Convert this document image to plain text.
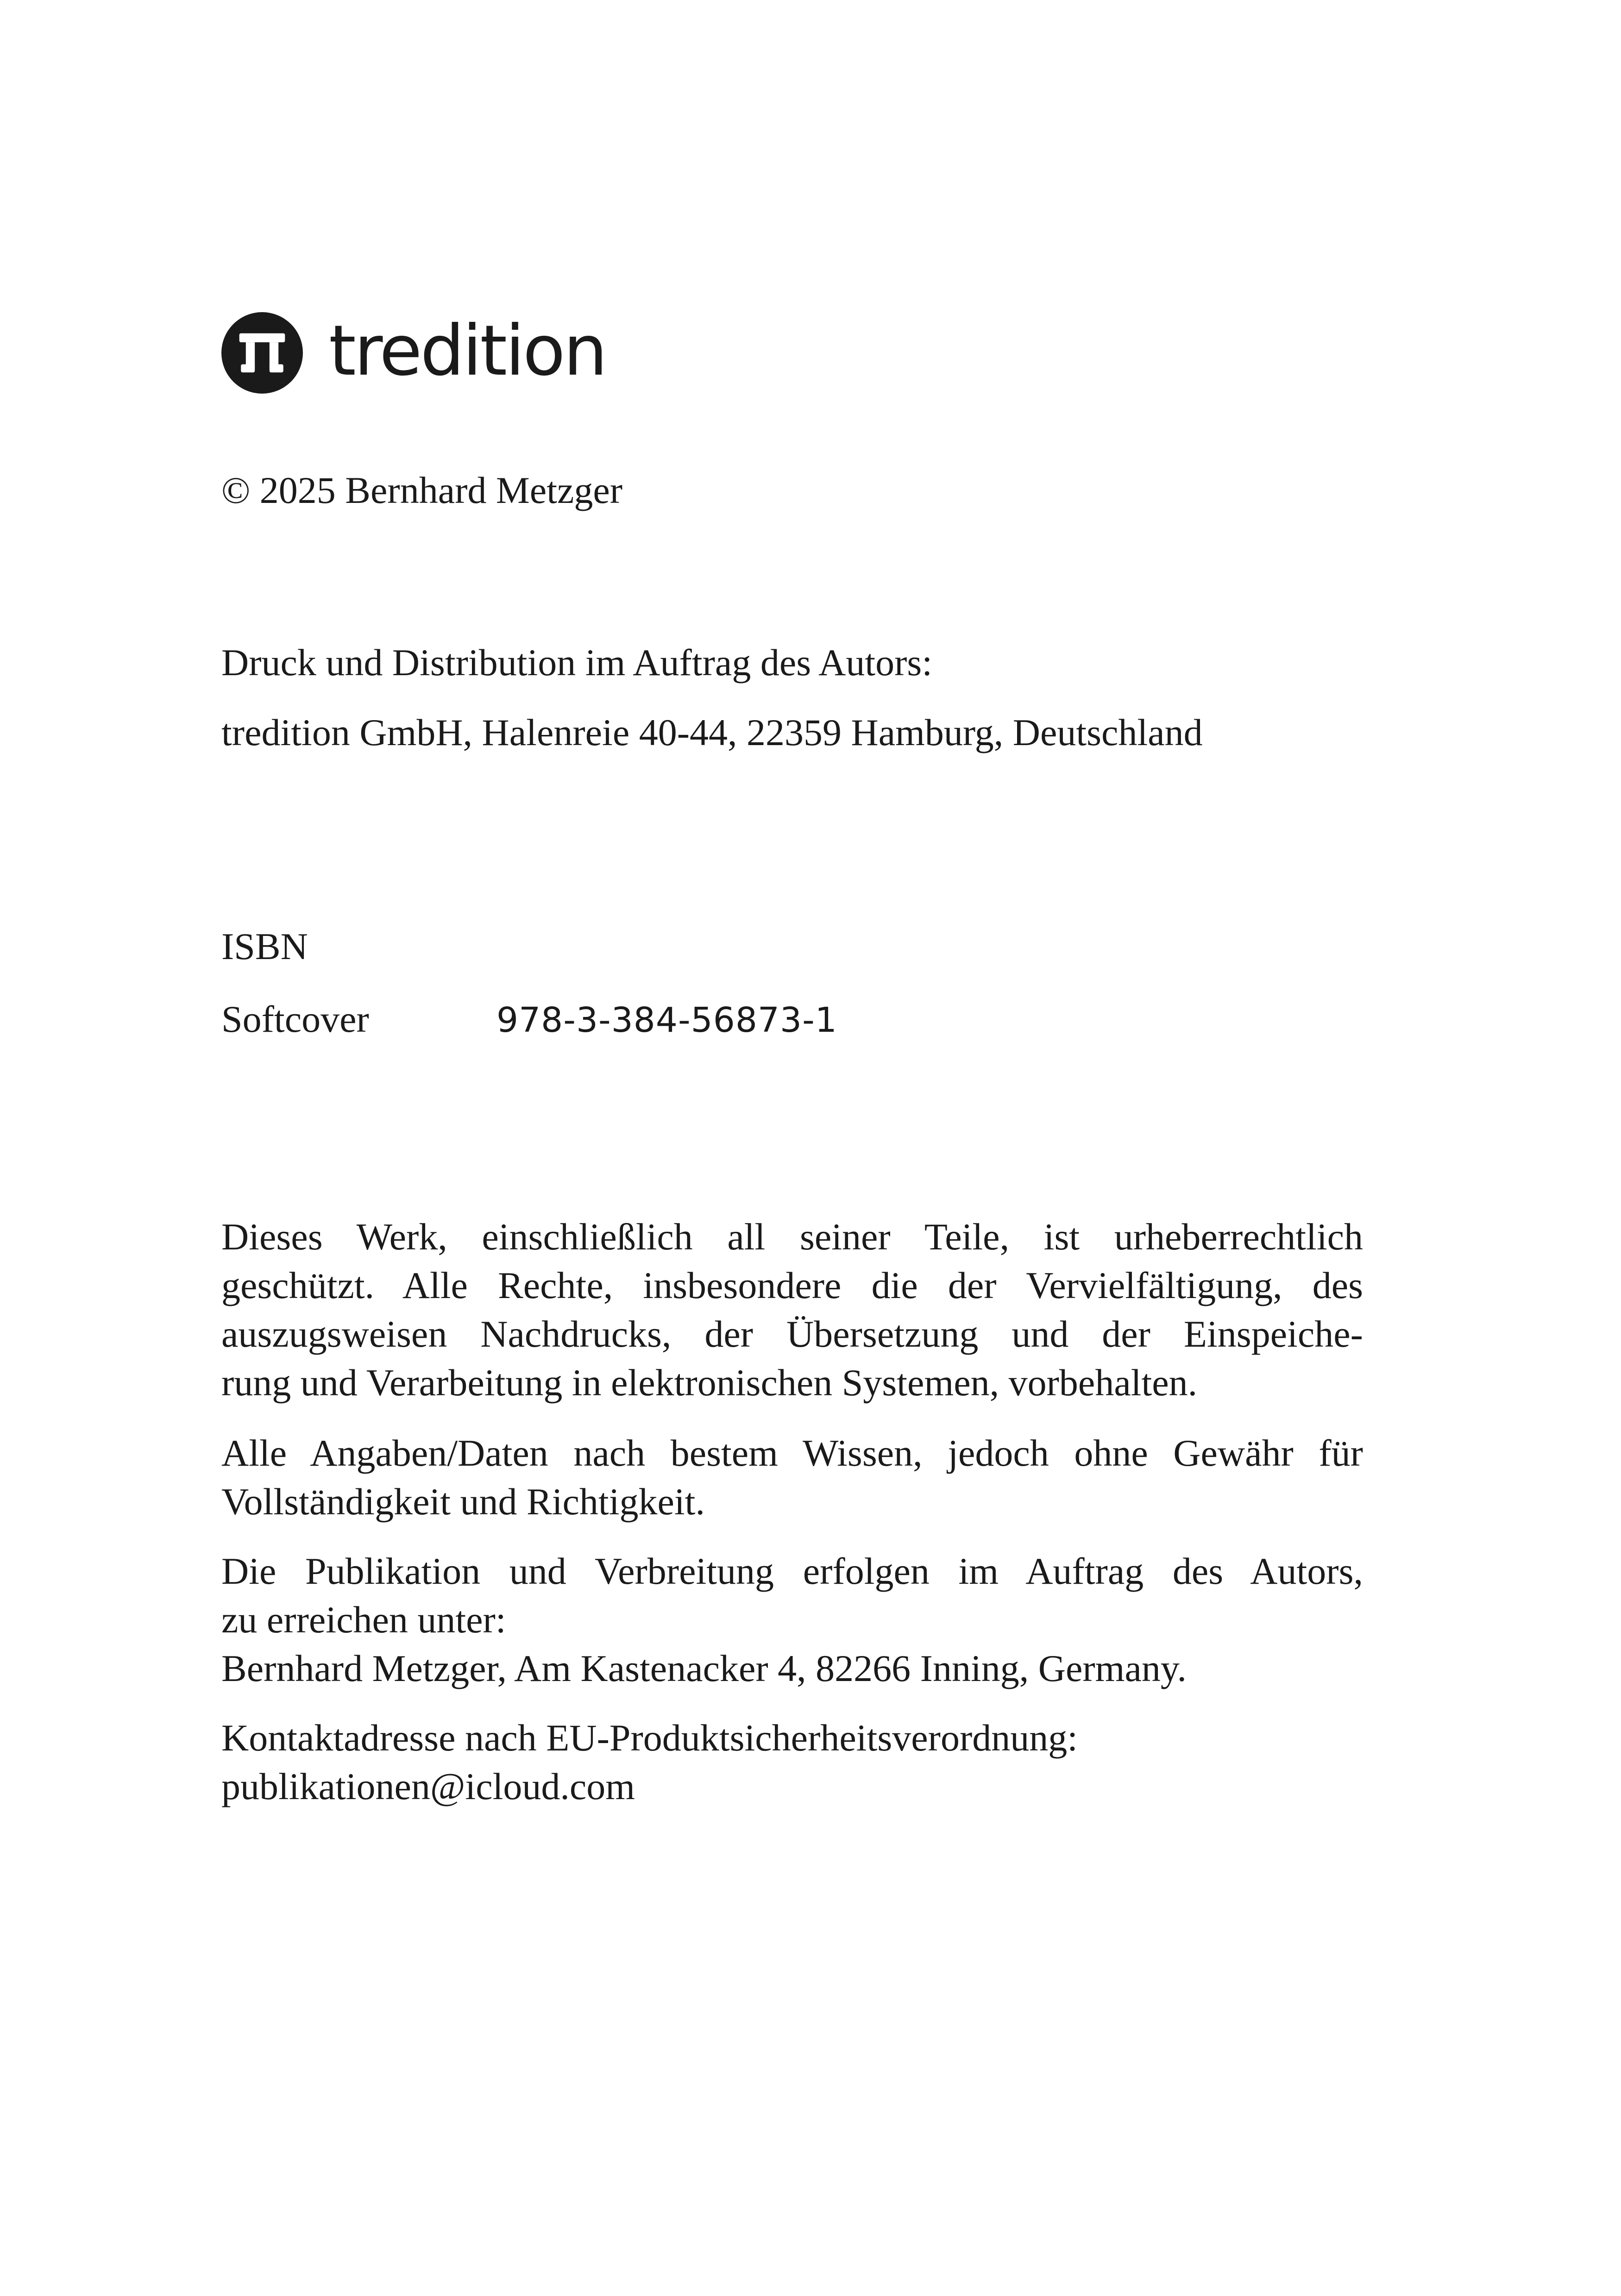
tredition
© 2025 Bernhard Metzger
Druck und Distribution im Auftrag des Autors:
tredition GmbH, Halenreie 40-44, 22359 Hamburg, Deutschland
ISBN
Softcover	978-3-384-56873-1

Dieses Werk, einschließlich all seiner Teile, ist urheberrechtlich
geschützt. Alle Rechte, insbesondere die der Vervielfältigung, des
auszugsweisen Nachdrucks, der Übersetzung und der Einspeiche-
rung und Verarbeitung in elektronischen Systemen, vorbehalten.

Alle Angaben/Daten nach bestem Wissen, jedoch ohne Gewähr für
Vollständigkeit und Richtigkeit.

Die Publikation und Verbreitung erfolgen im Auftrag des Autors,
zu erreichen unter:
Bernhard Metzger, Am Kastenacker 4, 82266 Inning, Germany.

Kontaktadresse nach EU-Produktsicherheitsverordnung:
publikationen@icloud.com
